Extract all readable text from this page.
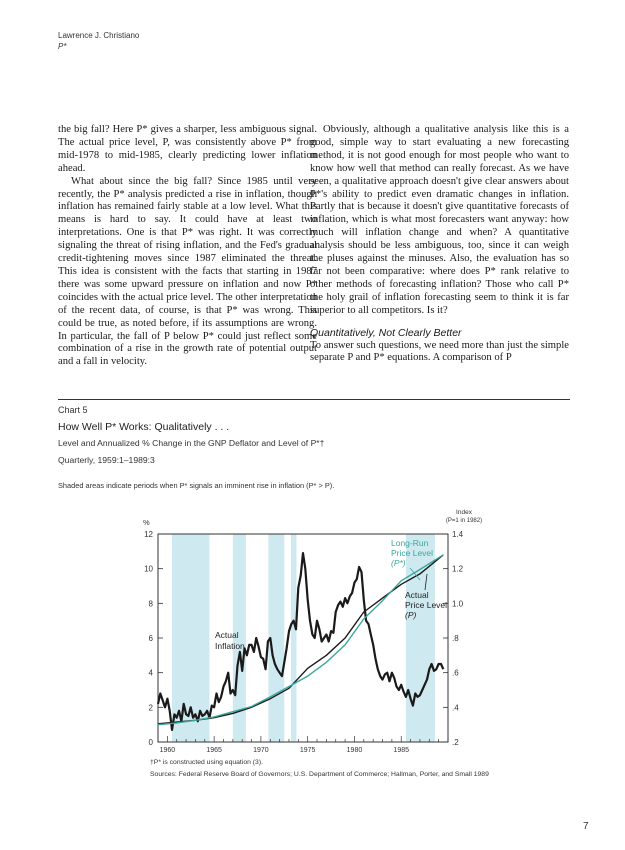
Lawrence J. Christiano
P*

the big fall? Here P* gives a sharper, less ambiguous signal. The actual price level, P, was consistently above P* from mid-1978 to mid-1985, clearly predicting lower inflation ahead.

What about since the big fall? Since 1985 until very recently, the P* analysis predicted a rise in inflation, though inflation has remained fairly stable at a low level. What this means is hard to say. It could have at least two interpretations. One is that P* was right. It was correctly signaling the threat of rising inflation, and the Fed's gradual credit-tightening moves since 1987 eliminated the threat. This idea is consistent with the facts that starting in 1987 there was some upward pressure on inflation and now P* coincides with the actual price level. The other interpretation of the recent data, of course, is that P* was wrong. This could be true, as noted before, if its assumptions are wrong. In particular, the fall of P below P* could just reflect some combination of a rise in the growth rate of potential output and a fall in velocity.

Obviously, although a qualitative analysis like this is a good, simple way to start evaluating a new forecasting method, it is not good enough for most people who want to know how well that method can really forecast. As we have seen, a qualitative approach doesn't give clear answers about P*'s ability to predict even dramatic changes in inflation. Partly that is because it doesn't give quantitative forecasts of inflation, which is what most forecasters want anyway: how much will inflation change and when? A quantitative analysis should be less ambiguous, too, since it can weigh the pluses against the minuses. Also, the evaluation has so far not been comparative: where does P* rank relative to other methods of forecasting inflation? Those who call P* the holy grail of inflation forecasting seem to think it is far superior to all competitors. Is it?

Quantitatively, Not Clearly Better

To answer such questions, we need more than just the simple separate P and P* equations. A comparison of P

Chart 5
How Well P* Works: Qualitatively . . .
Level and Annualized % Change in the GNP Deflator and Level of P*†
Quarterly, 1959:1–1989:3
Shaded areas indicate periods when P* signals an imminent rise in inflation (P* > P).
0
2
4
6
8
10
12
%
.2
.4
.6
.8
1.0
1.2
1.4
Index
(P=1 in 1982)
1960	1965	1970	1975	1980	1985
Actual
Inflation
Long-Run
Price Level
(P*)
Actual
Price Level
(P)
†P* is constructed using equation (3).
Sources: Federal Reserve Board of Governors; U.S. Department of Commerce; Hallman, Porter, and Small 1989
7
